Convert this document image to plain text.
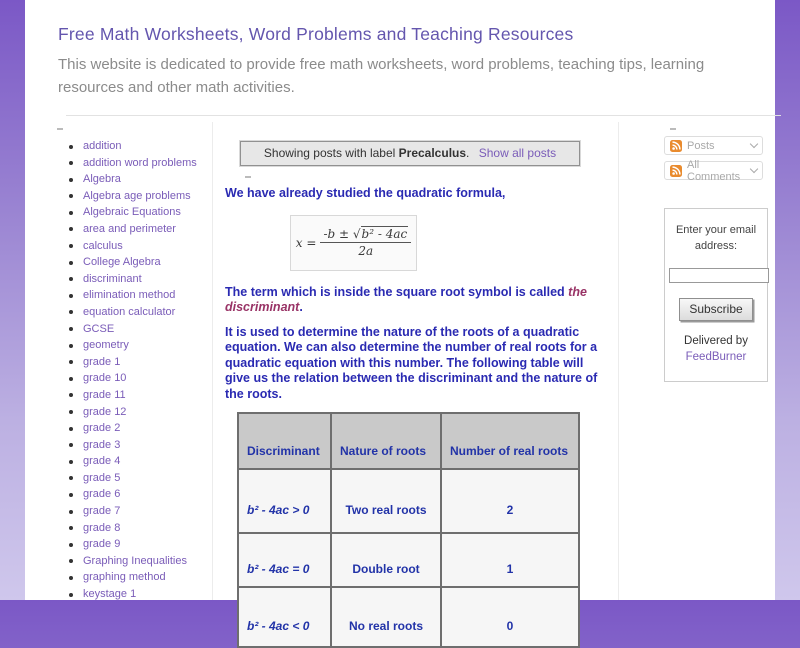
Free Math Worksheets, Word Problems and Teaching Resources
This website is dedicated to provide free math worksheets, word problems, teaching tips, learning resources and other math activities.
addition
addition word problems
Algebra
Algebra age problems
Algebraic Equations
area and perimeter
calculus
College Algebra
discriminant
elimination method
equation calculator
GCSE
geometry
grade 1
grade 10
grade 11
grade 12
grade 2
grade 3
grade 4
grade 5
grade 6
grade 7
grade 8
grade 9
Graphing Inequalities
graphing method
keystage 1
Showing posts with label Precalculus. Show all posts

We have already studied the quadratic formula,

$x = \frac{\text{-b ± √b² - 4ac}}{2a}$

The term which is inside the square root symbol is called the discriminant.

It is used to determine the nature of the roots of a quadratic equation. We can also determine the number of real roots for a quadratic equation with this number. The following table will give us the relation between the discriminant and the nature of the roots.

Discriminant	Nature of roots	Number of real roots
b² - 4ac > 0	Two real roots	2
b² - 4ac = 0	Double root	1
b² - 4ac < 0	No real roots	0
Posts
All Comments
Enter your email address:
Subscribe
Delivered by
FeedBurner
